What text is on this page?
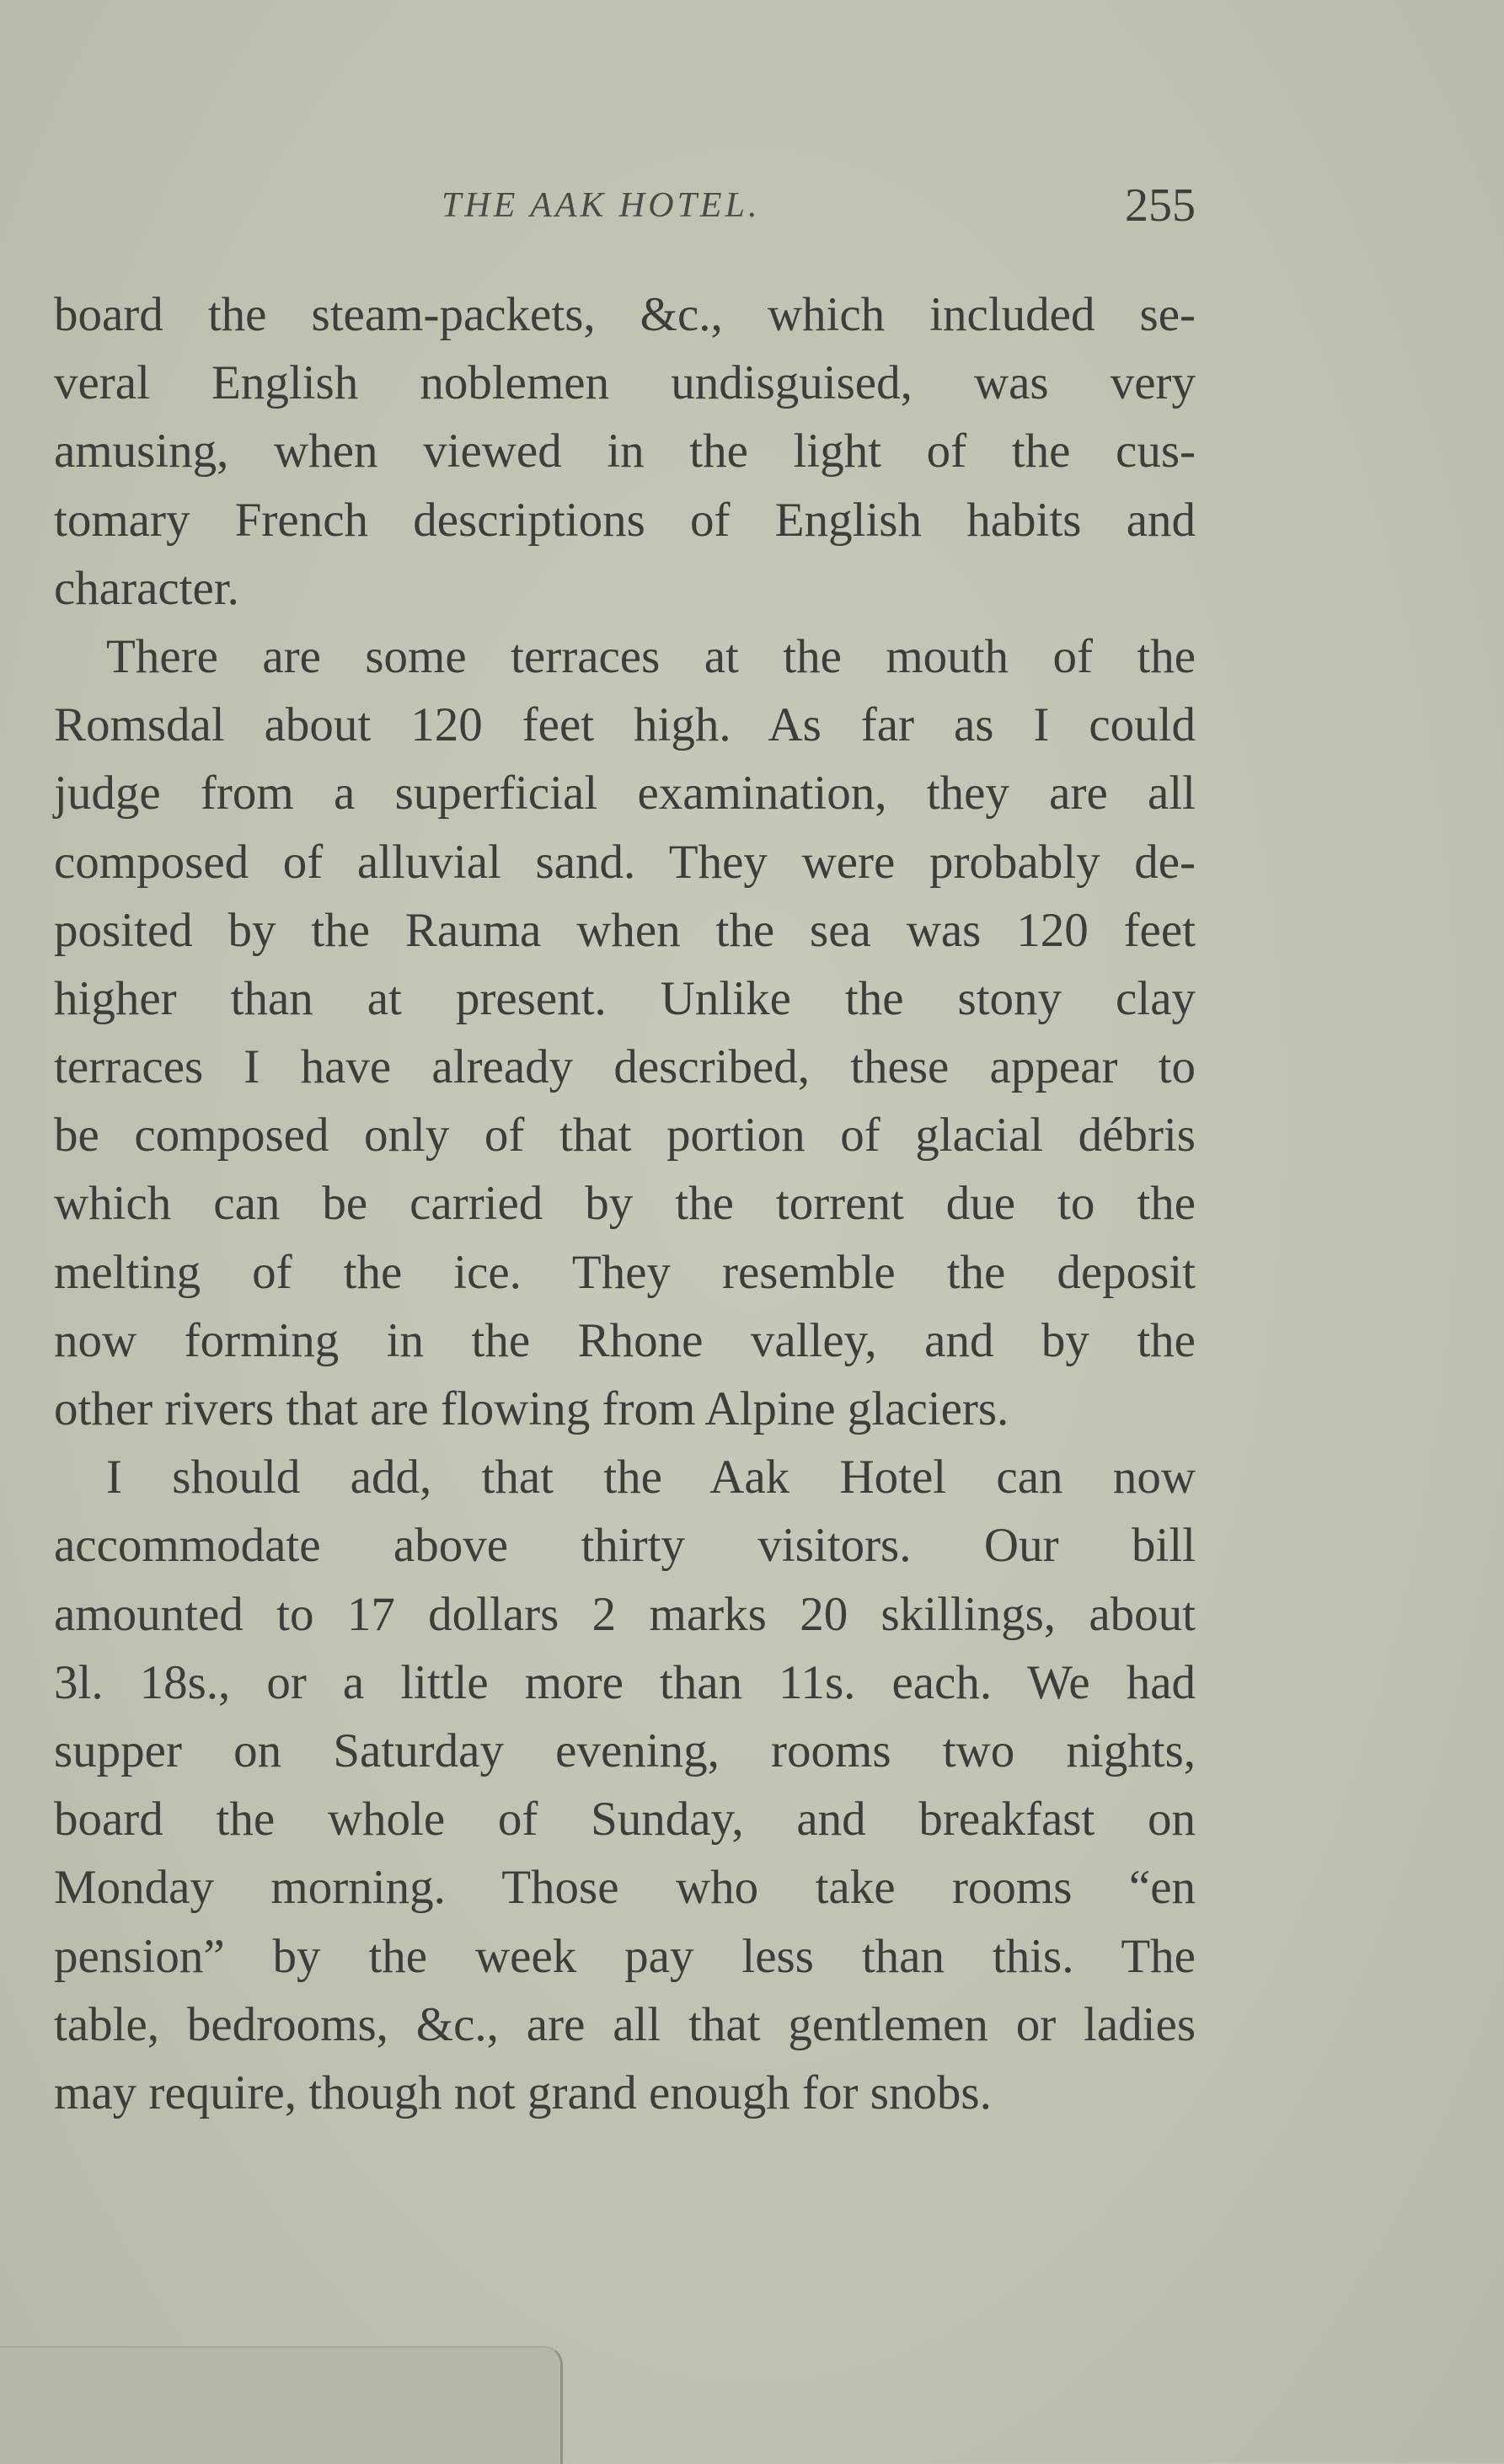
THE AAK HOTEL.	255
board the steam-packets, &c., which included se-
veral English noblemen undisguised, was very
amusing, when viewed in the light of the cus-
tomary French descriptions of English habits and
character.
There are some terraces at the mouth of the
Romsdal about 120 feet high. As far as I could
judge from a superficial examination, they are all
composed of alluvial sand. They were probably de-
posited by the Rauma when the sea was 120 feet
higher than at present. Unlike the stony clay
terraces I have already described, these appear to
be composed only of that portion of glacial débris
which can be carried by the torrent due to the
melting of the ice. They resemble the deposit
now forming in the Rhone valley, and by the
other rivers that are flowing from Alpine glaciers.
I should add, that the Aak Hotel can now
accommodate above thirty visitors. Our bill
amounted to 17 dollars 2 marks 20 skillings, about
3l. 18s., or a little more than 11s. each. We had
supper on Saturday evening, rooms two nights,
board the whole of Sunday, and breakfast on
Monday morning. Those who take rooms “en
pension” by the week pay less than this. The
table, bedrooms, &c., are all that gentlemen or ladies
may require, though not grand enough for snobs.
